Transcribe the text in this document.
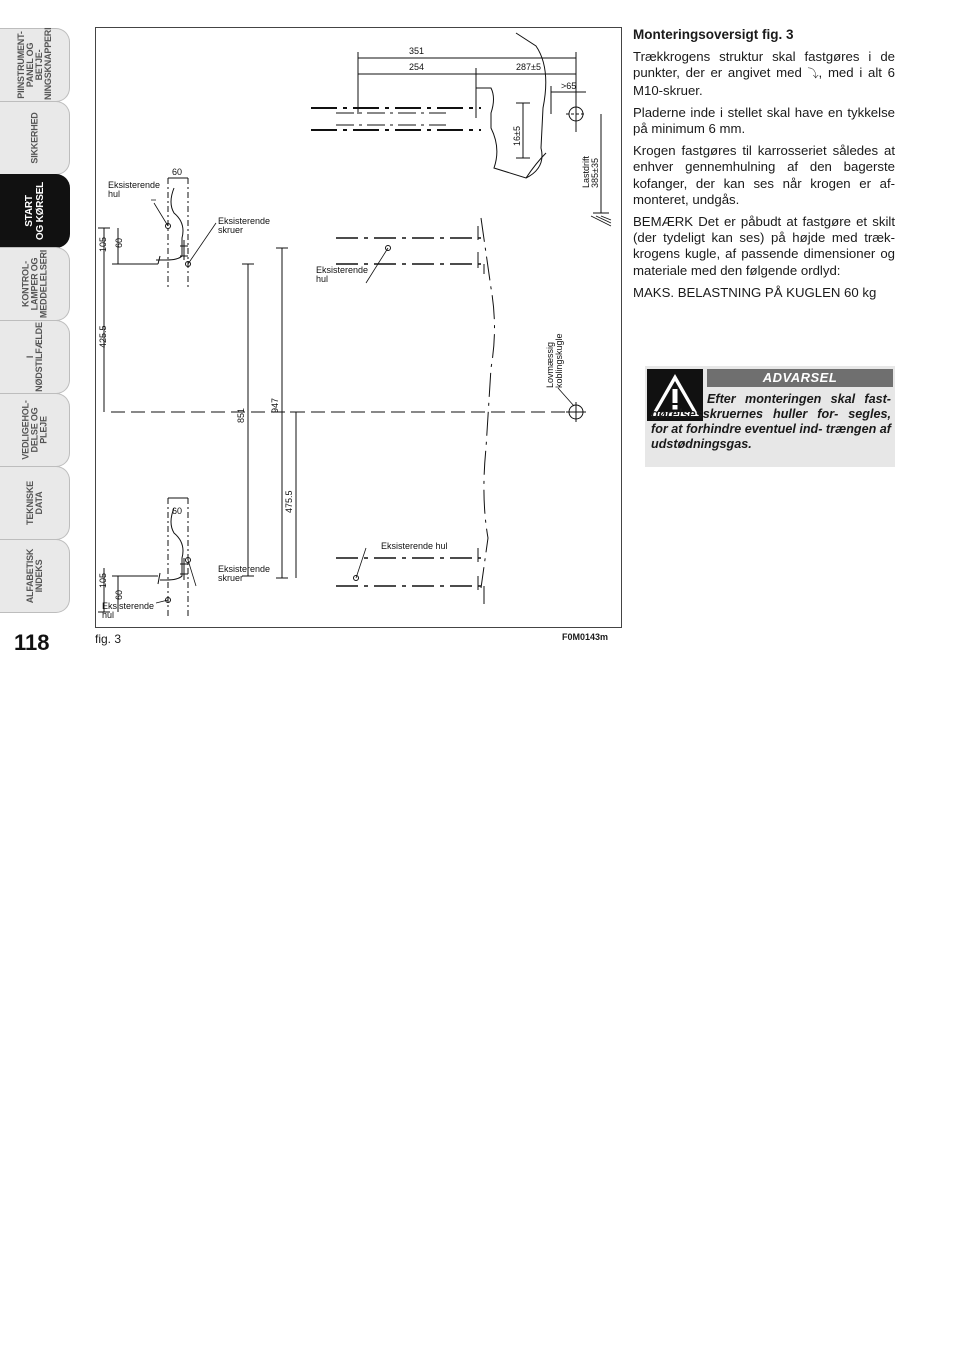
PIINSTRUMENT-
PANEL OG BETJE-
NINGSKNAPPERI
SIKKERHED
START
OG KØRSEL
KONTROL-
LAMPER OG
MEDDELELSERI
I
NØDSTILFÆLDE
VEDLIGEHOL-
DELSE OG
PLEJE
TEKNISKE
DATA
ALFABETISK
INDEKS
118
351
254	287±5
>65
16±5
60
105 60
425.5
851
947
475.5
60
105
60
Eksisterende
hul
Eksisterende
skruer
Eksisterende
hul
Eksisterende hul
Eksisterende
skruer
Eksisterende
hul
Lovmæssig koblingskugle
Lastdrift 385±35
fig. 3	F0M0143m
Monteringsoversigt fig. 3

Trækkrogens struktur skal fastgøres i de punkter, der er angivet med ⤵, med i alt 6 M10-skruer.

Pladerne inde i stellet skal have en tykkelse på minimum 6 mm.

Krogen fastgøres til karrosseriet således at enhver gennemhulning af den bagerste kofanger, der kan ses når krogen er af- monteret, undgås.

BEMÆRK Det er påbudt at fastgøre et skilt (der tydeligt kan ses) på højde med træk- krogens kugle, af passende dimensioner og materiale med den følgende ordlyd:

MAKS. BELASTNING PÅ KUGLEN 60 kg

ADVARSEL
Efter monteringen skal fast- gørelsesskruernes huller for- segles, for at forhindre eventuel ind- trængen af udstødningsgas.
